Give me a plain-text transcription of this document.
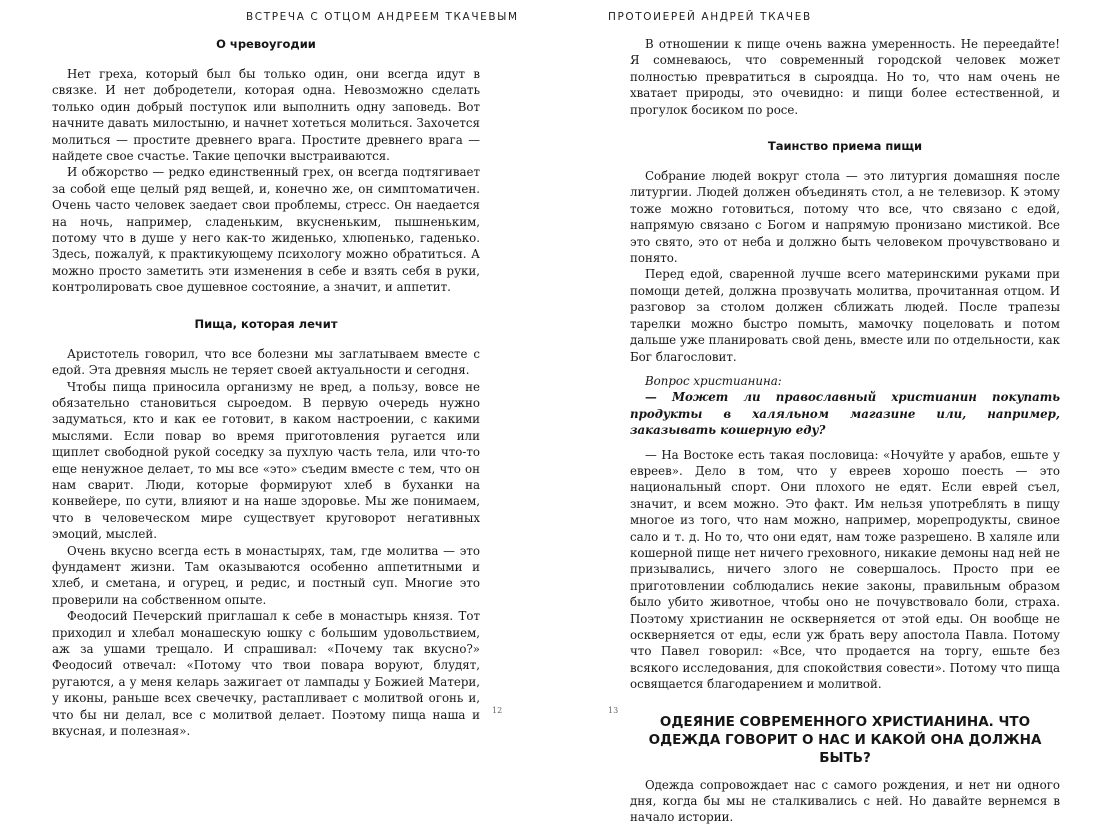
ВСТРЕЧА С ОТЦОМ АНДРЕЕМ ТКАЧЕВЫМ
О чревоугодии

Нет греха, который был бы только один, они всегда идут в связке. И нет добродетели, которая одна. Невозможно сделать только один добрый поступок или выполнить одну заповедь. Вот начните давать милостыню, и начнет хотеться молиться. Захочется молиться — простите древнего врага. Простите древнего врага — найдете свое счастье. Такие цепочки выстраиваются.

И обжорство — редко единственный грех, он всегда подтягивает за собой еще целый ряд вещей, и, конечно же, он симптоматичен. Очень часто человек заедает свои проблемы, стресс. Он наедается на ночь, например, сладеньким, вкусненьким, пышненьким, потому что в душе у него как-то жиденько, хлюпенько, гаденько. Здесь, пожалуй, к практикующему психологу можно обратиться. А можно просто заметить эти изменения в себе и взять себя в руки, контролировать свое душевное состояние, а значит, и аппетит.

Пища, которая лечит

Аристотель говорил, что все болезни мы заглатываем вместе с едой. Эта древняя мысль не теряет своей актуальности и сегодня.

Чтобы пища приносила организму не вред, а пользу, вовсе не обязательно становиться сыроедом. В первую очередь нужно задуматься, кто и как ее готовит, в каком настроении, с какими мыслями. Если повар во время приготовления ругается или щиплет свободной рукой соседку за пухлую часть тела, или что-то еще ненужное делает, то мы все «это» съедим вместе с тем, что он нам сварит. Люди, которые формируют хлеб в буханки на конвейере, по сути, влияют и на наше здоровье. Мы же понимаем, что в человеческом мире существует круговорот негативных эмоций, мыслей.

Очень вкусно всегда есть в монастырях, там, где молитва — это фундамент жизни. Там оказываются особенно аппетитными и хлеб, и сметана, и огурец, и редис, и постный суп. Многие это проверили на собственном опыте.

Феодосий Печерский приглашал к себе в монастырь князя. Тот приходил и хлебал монашескую юшку с большим удовольствием, аж за ушами трещало. И спрашивал: «Почему так вкусно?» Феодосий отвечал: «Потому что твои повара воруют, блудят, ругаются, а у меня келарь зажигает от лампады у Божией Матери, у иконы, раньше всех свечечку, растапливает с молитвой огонь и, что бы ни делал, все с молитвой делает. Поэтому пища наша и вкусная, и полезная».

12
ПРОТОИЕРЕЙ АНДРЕЙ ТКАЧЕВ

В отношении к пище очень важна умеренность. Не переедайте! Я сомневаюсь, что современный городской человек может полностью превратиться в сыроядца. Но то, что нам очень не хватает природы, это очевидно: и пищи более естественной, и прогулок босиком по росе.

Таинство приема пищи

Собрание людей вокруг стола — это литургия домашняя после литургии. Людей должен объединять стол, а не телевизор. К этому тоже можно готовиться, потому что все, что связано с едой, напрямую связано с Богом и напрямую пронизано мистикой. Все это свято, это от неба и должно быть человеком прочувствовано и понято.

Перед едой, сваренной лучше всего материнскими руками при помощи детей, должна прозвучать молитва, прочитанная отцом. И разговор за столом должен сближать людей. После трапезы тарелки можно быстро помыть, мамочку поцеловать и потом дальше уже планировать свой день, вместе или по отдельности, как Бог благословит.

Вопрос христианина:

— Может ли православный христианин покупать продукты в халяльном магазине или, например, заказывать кошерную еду?

— На Востоке есть такая пословица: «Ночуйте у арабов, ешьте у евреев». Дело в том, что у евреев хорошо поесть — это национальный спорт. Они плохого не едят. Если еврей съел, значит, и всем можно. Это факт. Им нельзя употреблять в пищу многое из того, что нам можно, например, морепродукты, свиное сало и т. д. Но то, что они едят, нам тоже разрешено. В халяле или кошерной пище нет ничего греховного, никакие демоны над ней не призывались, ничего злого не совершалось. Просто при ее приготовлении соблюдались некие законы, правильным образом было убито животное, чтобы оно не почувствовало боли, страха. Поэтому христианин не оскверняется от этой еды. Он вообще не оскверняется от еды, если уж брать веру апостола Павла. Потому что Павел говорил: «Все, что продается на торгу, ешьте без всякого исследования, для спокойствия совести». Потому что пища освящается благодарением и молитвой.

ОДЕЯНИЕ СОВРЕМЕННОГО ХРИСТИАНИНА. ЧТО ОДЕЖДА ГОВОРИТ О НАС И КАКОЙ ОНА ДОЛЖНА БЫТЬ?

Одежда сопровождает нас с самого рождения, и нет ни одного дня, когда бы мы не сталкивались с ней. Но давайте вернемся в начало истории.

13
